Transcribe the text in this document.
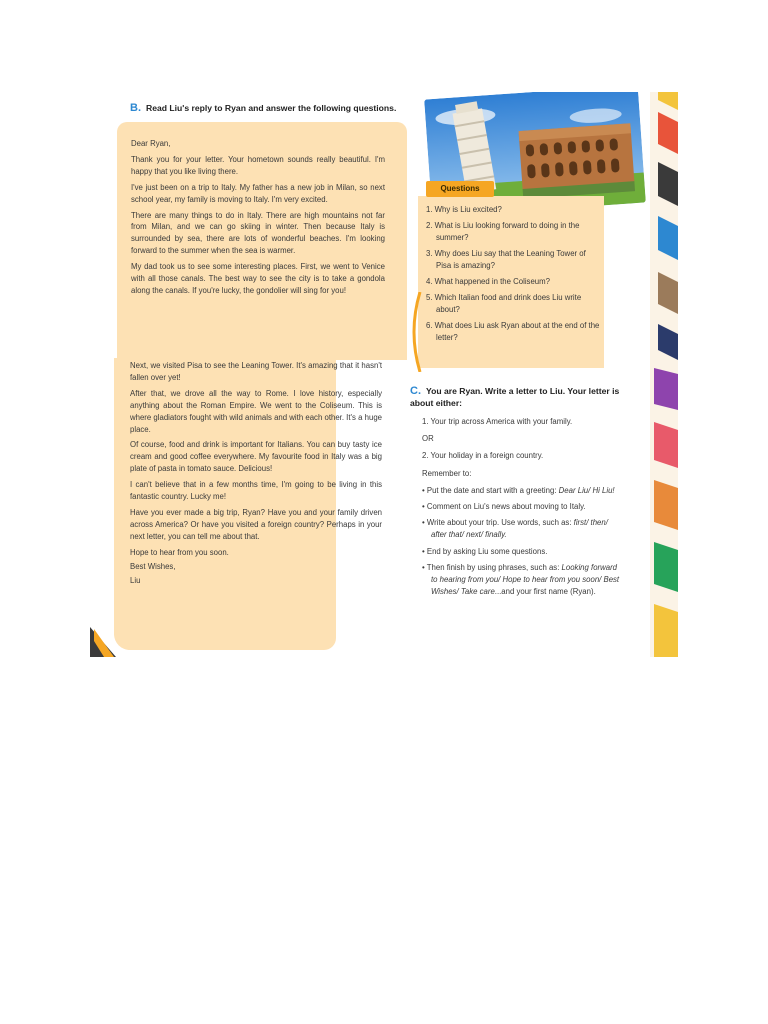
B. Read Liu's reply to Ryan and answer the following questions.

Dear Ryan,

Thank you for your letter. Your hometown sounds really beautiful. I'm happy that you like living there.

I've just been on a trip to Italy. My father has a new job in Milan, so next school year, my family is moving to Italy. I'm very excited.

There are many things to do in Italy. There are high mountains not far from Milan, and we can go skiing in winter. Then because Italy is surrounded by sea, there are lots of wonderful beaches. I'm looking forward to the summer when the sea is warmer.

My dad took us to see some interesting places. First, we went to Venice with all those canals. The best way to see the city is to take a gondola along the canals. If you're lucky, the gondolier will sing for you!

Next, we visited Pisa to see the Leaning Tower. It's amazing that it hasn't fallen over yet!

After that, we drove all the way to Rome. I love history, especially anything about the Roman Empire. We went to the Coliseum. This is where gladiators fought with wild animals and with each other. It's a huge place.

Of course, food and drink is important for Italians. You can buy tasty ice cream and good coffee everywhere. My favourite food in Italy was a big plate of pasta in tomato sauce. Delicious!

I can't believe that in a few months time, I'm going to be living in this fantastic country. Lucky me!

Have you ever made a big trip, Ryan? Have you and your family driven across America? Or have you visited a foreign country? Perhaps in your next letter, you can tell me about that.

Hope to hear from you soon.

Best Wishes,

Liu

Questions
1. Why is Liu excited?
2. What is Liu looking forward to doing in the summer?
3. Why does Liu say that the Leaning Tower of Pisa is amazing?
4. What happened in the Coliseum?
5. Which Italian food and drink does Liu write about?
6. What does Liu ask Ryan about at the end of the letter?
C. You are Ryan. Write a letter to Liu. Your letter is about either:

1. Your trip across America with your family.

OR

2. Your holiday in a foreign country.

Remember to:

• Put the date and start with a greeting: Dear Liu/ Hi Liu!

• Comment on Liu's news about moving to Italy.

• Write about your trip. Use words, such as: first/ then/ after that/ next/ finally.

• End by asking Liu some questions.

• Then finish by using phrases, such as: Looking forward to hearing from you/ Hope to hear from you soon/ Best Wishes/ Take care...and your first name (Ryan).
